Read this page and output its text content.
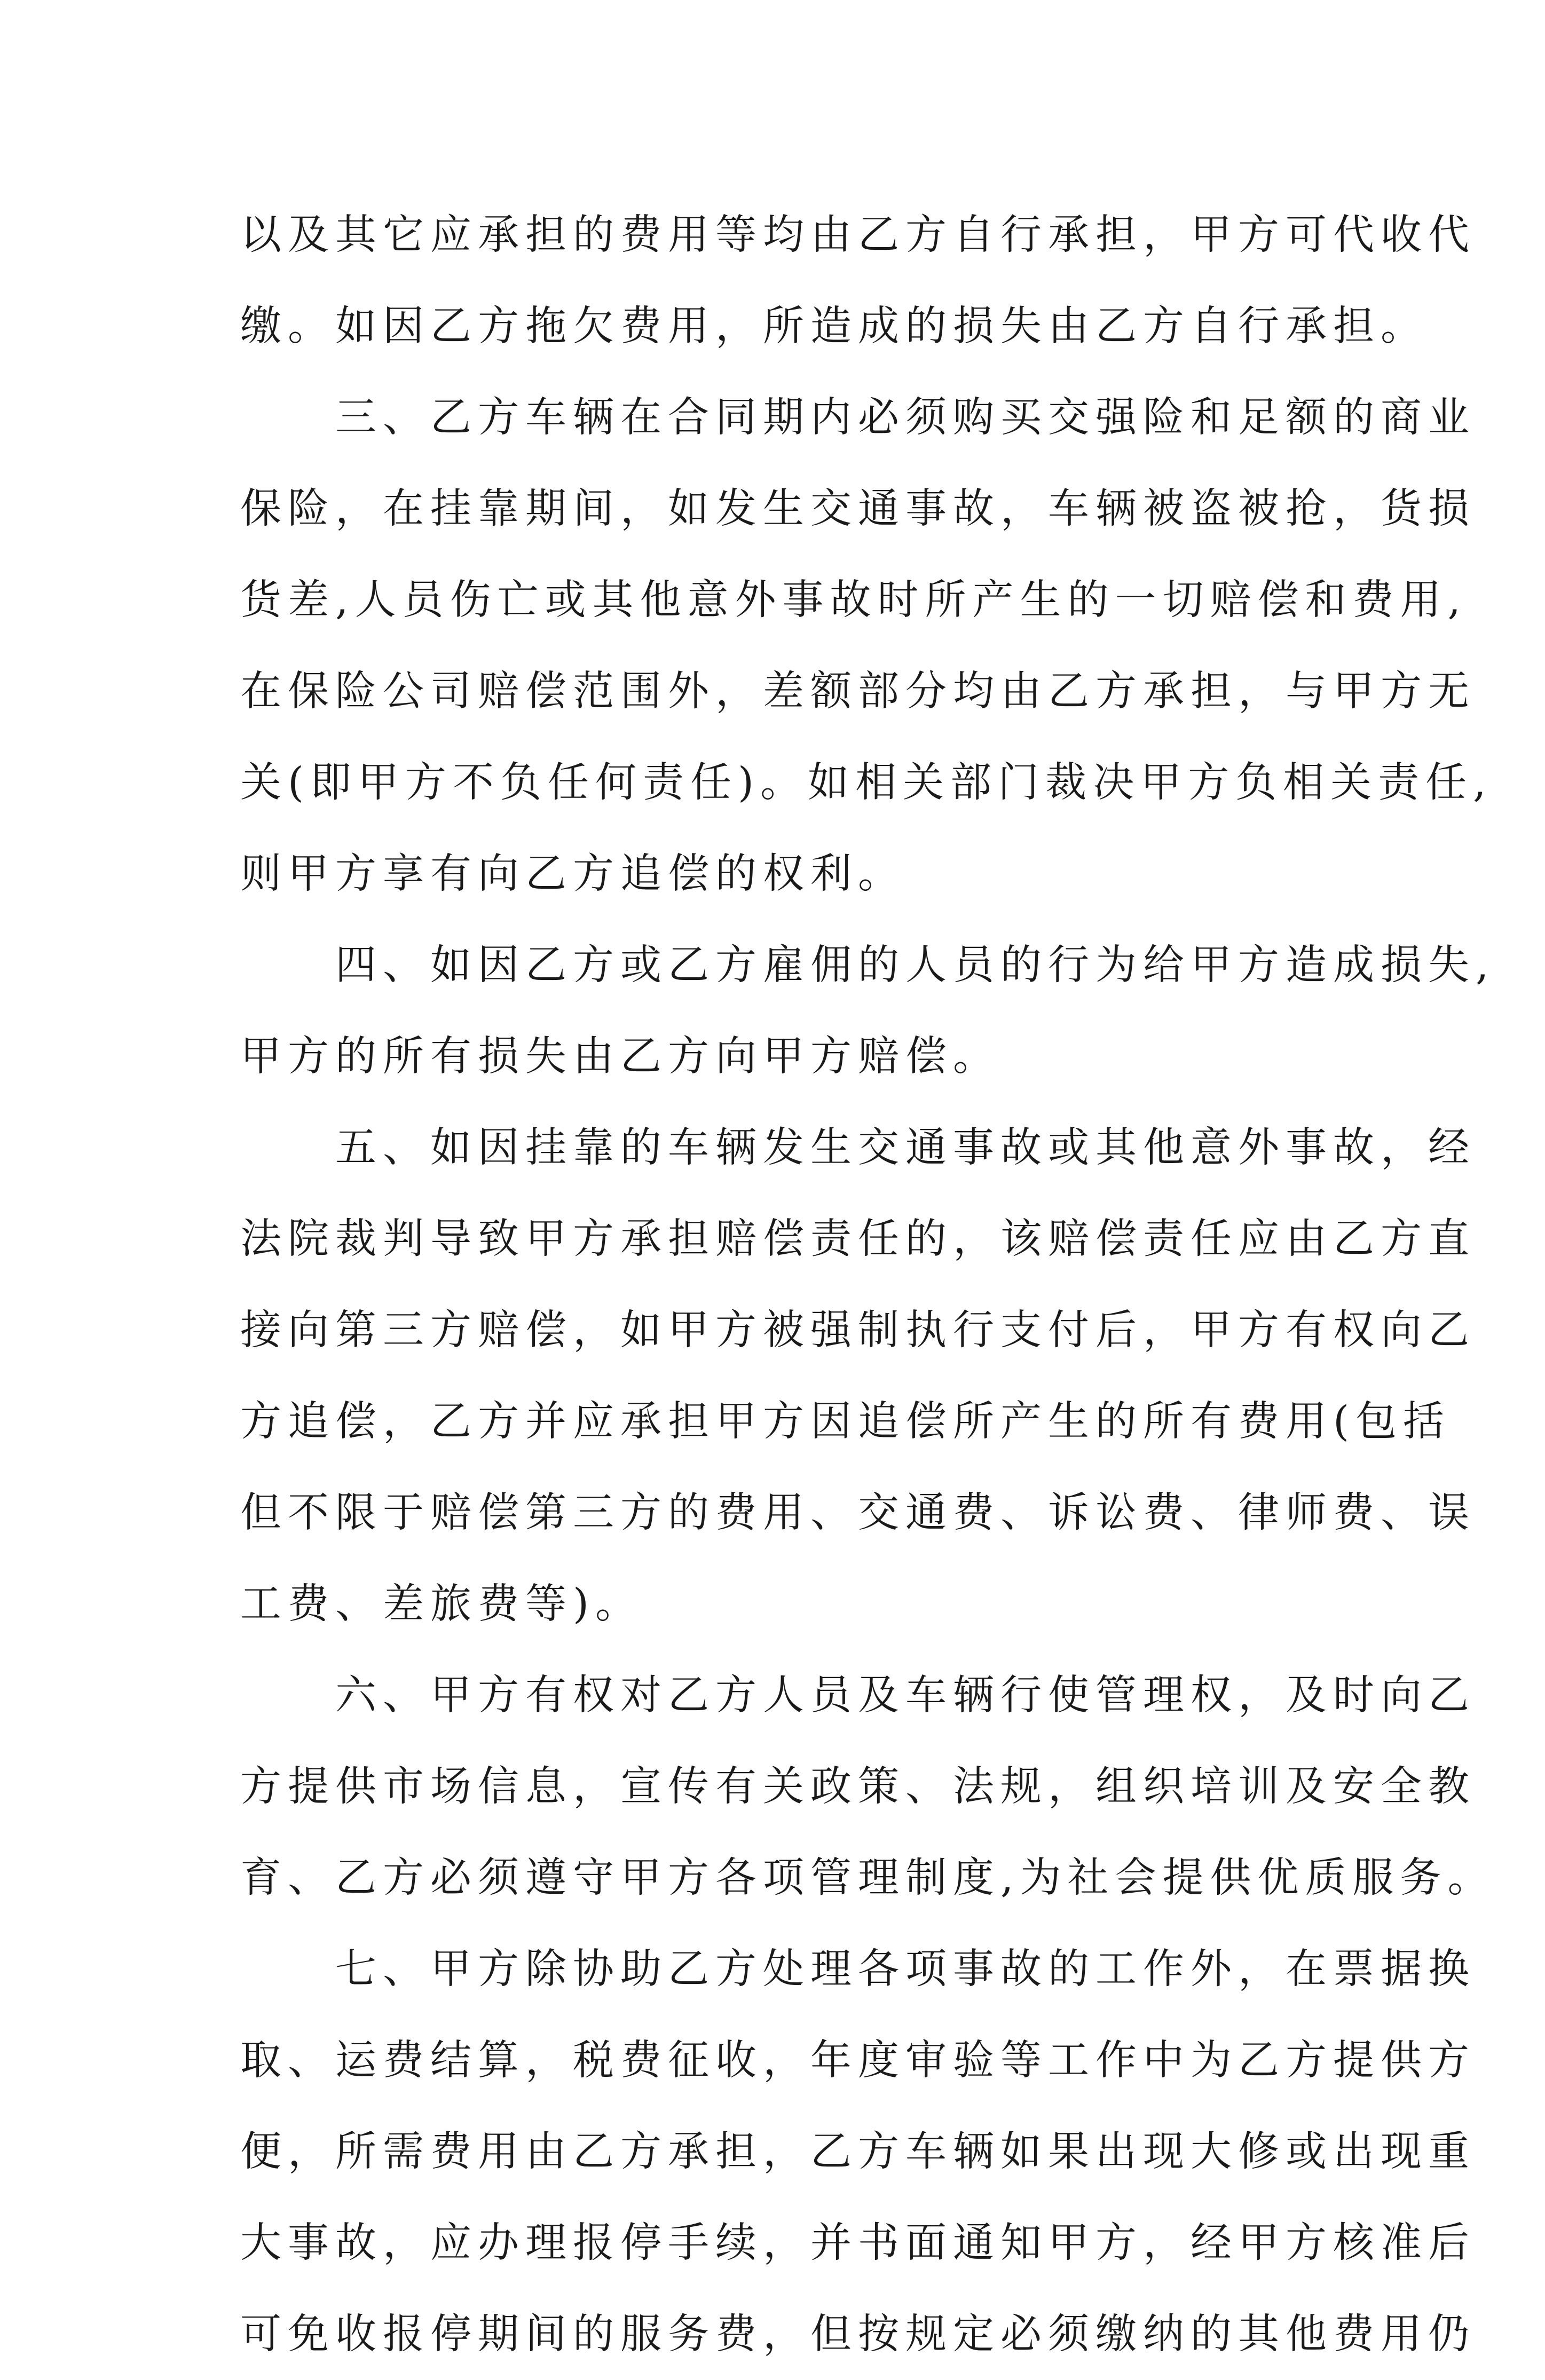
以及其它应承担的费用等均由乙方自行承担，甲方可代收代
缴。如因乙方拖欠费用，所造成的损失由乙方自行承担。
　　三、乙方车辆在合同期内必须购买交强险和足额的商业
保险，在挂靠期间，如发生交通事故，车辆被盗被抢，货损
货差,人员伤亡或其他意外事故时所产生的一切赔偿和费用,
在保险公司赔偿范围外，差额部分均由乙方承担，与甲方无
关(即甲方不负任何责任)。如相关部门裁决甲方负相关责任,
则甲方享有向乙方追偿的权利。
　　四、如因乙方或乙方雇佣的人员的行为给甲方造成损失,
甲方的所有损失由乙方向甲方赔偿。
　　五、如因挂靠的车辆发生交通事故或其他意外事故，经
法院裁判导致甲方承担赔偿责任的，该赔偿责任应由乙方直
接向第三方赔偿，如甲方被强制执行支付后，甲方有权向乙
方追偿，乙方并应承担甲方因追偿所产生的所有费用(包括
但不限于赔偿第三方的费用、交通费、诉讼费、律师费、误
工费、差旅费等)。
　　六、甲方有权对乙方人员及车辆行使管理权，及时向乙
方提供市场信息，宣传有关政策、法规，组织培训及安全教
育、乙方必须遵守甲方各项管理制度,为社会提供优质服务。
　　七、甲方除协助乙方处理各项事故的工作外，在票据换
取、运费结算，税费征收，年度审验等工作中为乙方提供方
便，所需费用由乙方承担，乙方车辆如果出现大修或出现重
大事故，应办理报停手续，并书面通知甲方，经甲方核准后
可免收报停期间的服务费，但按规定必须缴纳的其他费用仍
